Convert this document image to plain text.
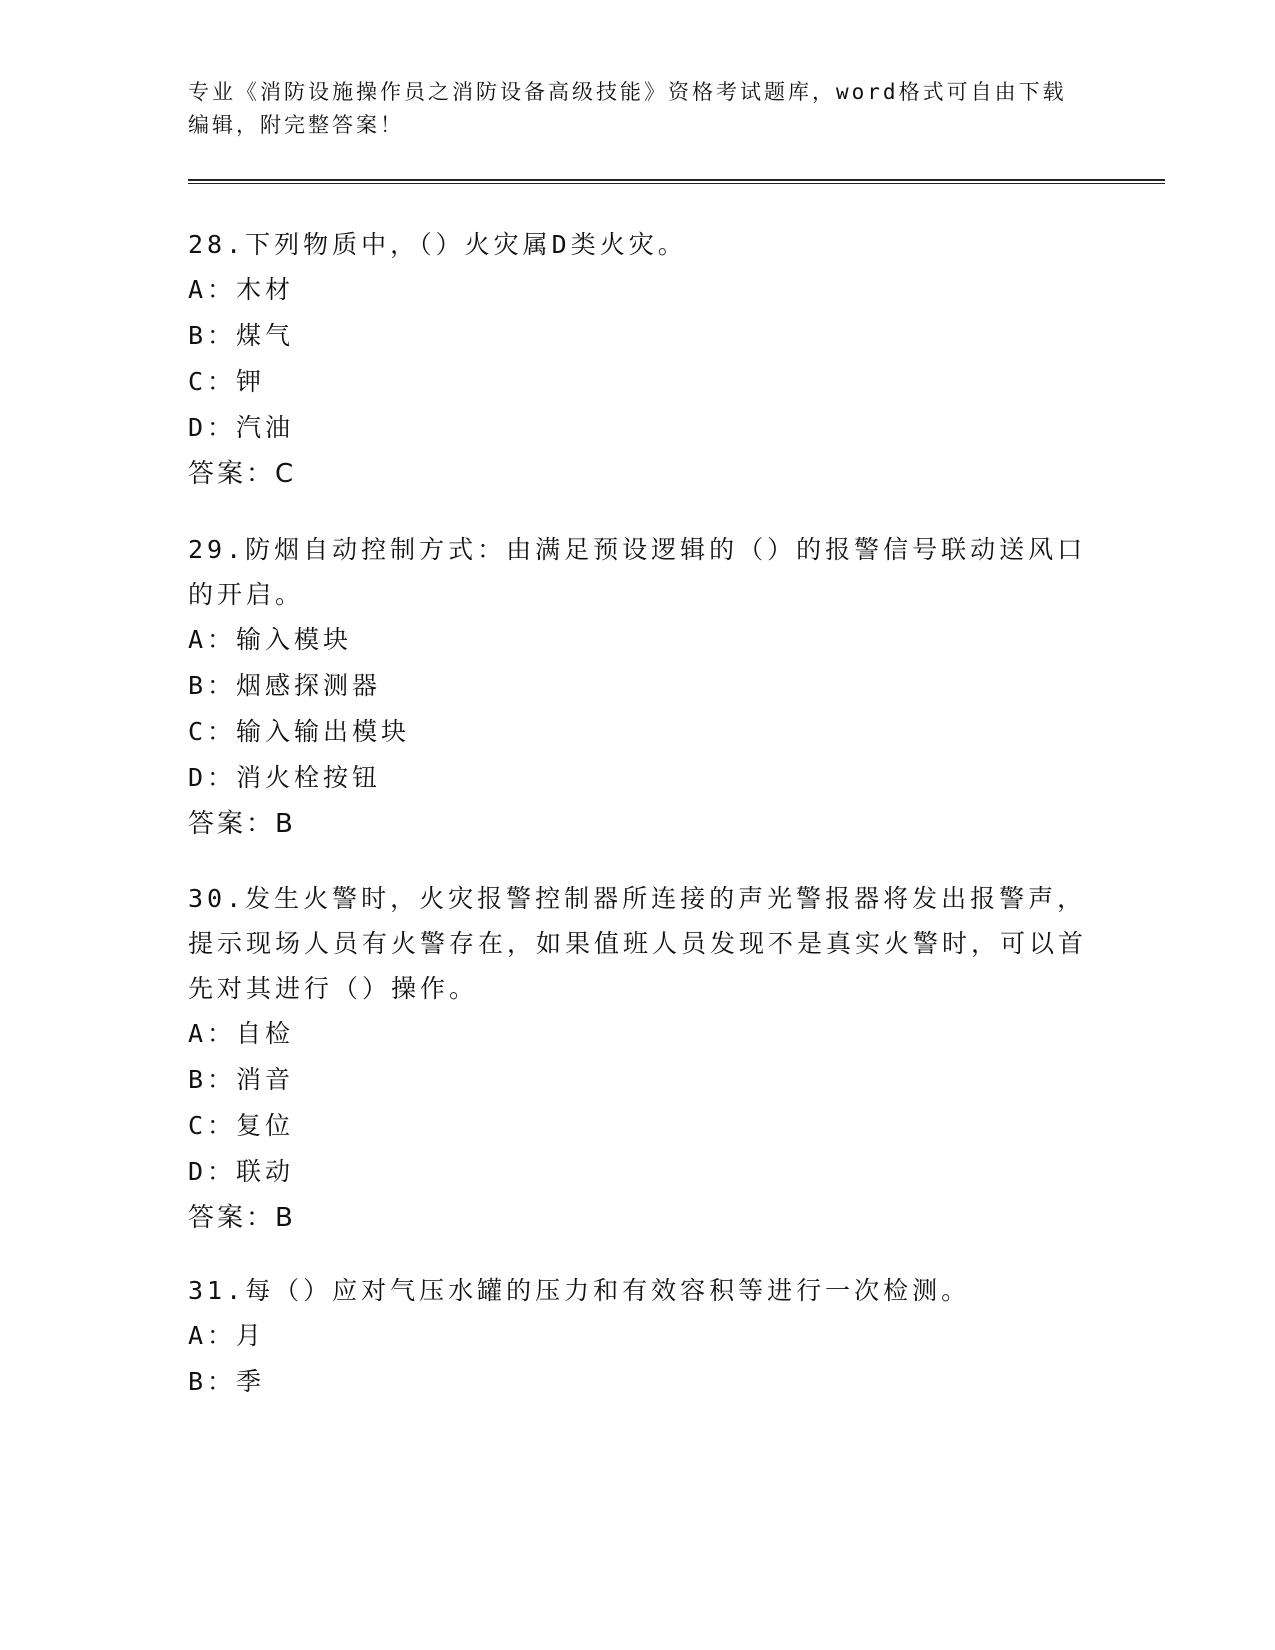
专业《消防设施操作员之消防设备高级技能》资格考试题库，word格式可自由下载编辑，附完整答案！

28.下列物质中，（）火灾属D类火灾。

A：木材

B：煤气

C：钾

D：汽油

答案：C

29.防烟自动控制方式：由满足预设逻辑的（）的报警信号联动送风口的开启。

A：输入模块

B：烟感探测器

C：输入输出模块

D：消火栓按钮

答案：B

30.发生火警时，火灾报警控制器所连接的声光警报器将发出报警声，提示现场人员有火警存在，如果值班人员发现不是真实火警时，可以首先对其进行（）操作。

A：自检

B：消音

C：复位

D：联动

答案：B

31.每（）应对气压水罐的压力和有效容积等进行一次检测。

A：月

B：季
